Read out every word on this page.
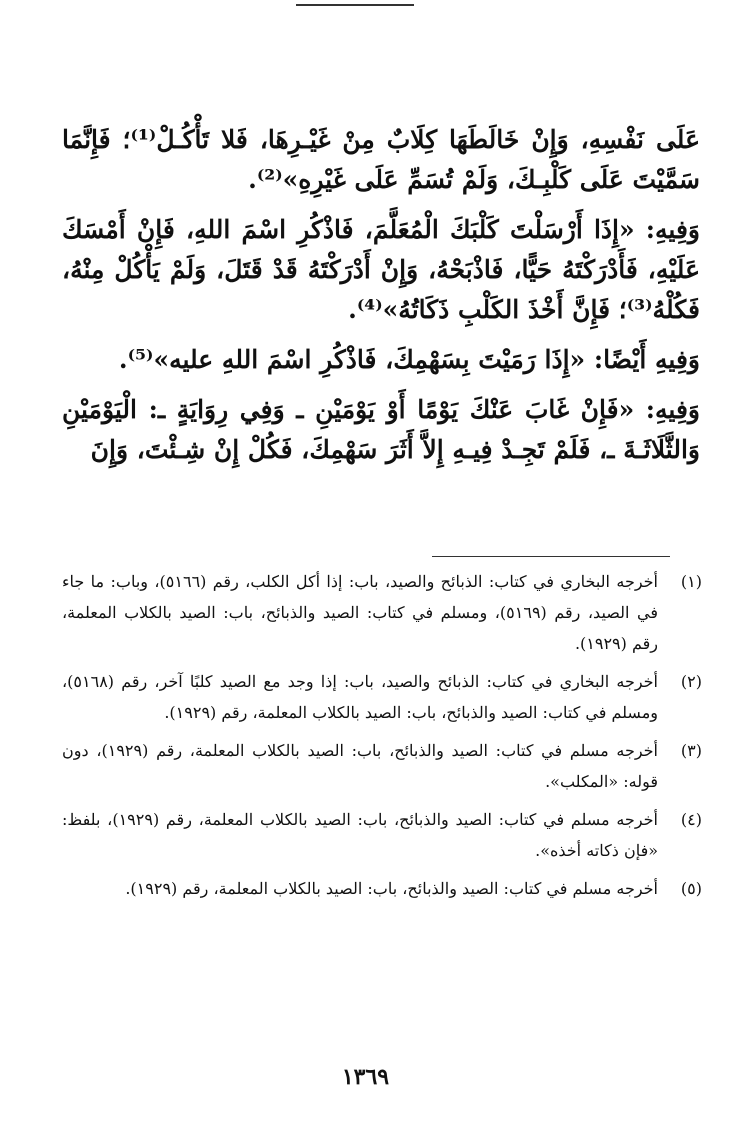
عَلَى نَفْسِهِ، وَإِنْ خَالَطَهَا كِلَابٌ مِنْ غَيْـرِهَا، فَلا تَأْكُـلْ⁽¹⁾؛ فَإِنَّمَا سَمَّيْتَ عَلَى كَلْبِـكَ، وَلَمْ تُسَمِّ عَلَى غَيْرِهِ»⁽²⁾.

وَفِيهِ: «إِذَا أَرْسَلْتَ كَلْبَكَ الْمُعَلَّمَ، فَاذْكُرِ اسْمَ اللهِ، فَإِنْ أَمْسَكَ عَلَيْهِ، فَأَدْرَكْتَهُ حَيًّا، فَاذْبَحْهُ، وَإِنْ أَدْرَكْتَهُ قَدْ قَتَلَ، وَلَمْ يَأْكُلْ مِنْهُ، فَكُلْهُ⁽³⁾؛ فَإِنَّ أَخْذَ الكَلْبِ ذَكَاتُهُ»⁽⁴⁾.

وَفِيهِ أَيْضًا: «إِذَا رَمَيْتَ بِسَهْمِكَ، فَاذْكُرِ اسْمَ اللهِ عليه»⁽⁵⁾.

وَفِيهِ: «فَإِنْ غَابَ عَنْكَ يَوْمًا أَوْ يَوْمَيْنِ ـ وَفِي رِوَايَةٍ ـ: الْيَوْمَيْنِ وَالثَّلَاثَـةَ ـ، فَلَمْ تَجِـدْ فِيـهِ إِلاَّ أَثَرَ سَهْمِكَ، فَكُلْ إِنْ شِـئْتَ، وَإِنَ

(١)
أخرجه البخاري في كتاب: الذبائح والصيد، باب: إذا أكل الكلب، رقم (٥١٦٦)، وباب: ما جاء في الصيد، رقم (٥١٦٩)، ومسلم في كتاب: الصيد والذبائح، باب: الصيد بالكلاب المعلمة، رقم (١٩٢٩).
(٢)
أخرجه البخاري في كتاب: الذبائح والصيد، باب: إذا وجد مع الصيد كلبًا آخر، رقم (٥١٦٨)، ومسلم في كتاب: الصيد والذبائح، باب: الصيد بالكلاب المعلمة، رقم (١٩٢٩).
(٣)
أخرجه مسلم في كتاب: الصيد والذبائح، باب: الصيد بالكلاب المعلمة، رقم (١٩٢٩)، دون قوله: «المكلب».
(٤)
أخرجه مسلم في كتاب: الصيد والذبائح، باب: الصيد بالكلاب المعلمة، رقم (١٩٢٩)، بلفظ: «فإن ذكاته أخذه».
(٥)
أخرجه مسلم في كتاب: الصيد والذبائح، باب: الصيد بالكلاب المعلمة، رقم (١٩٢٩).
١٣٦٩
